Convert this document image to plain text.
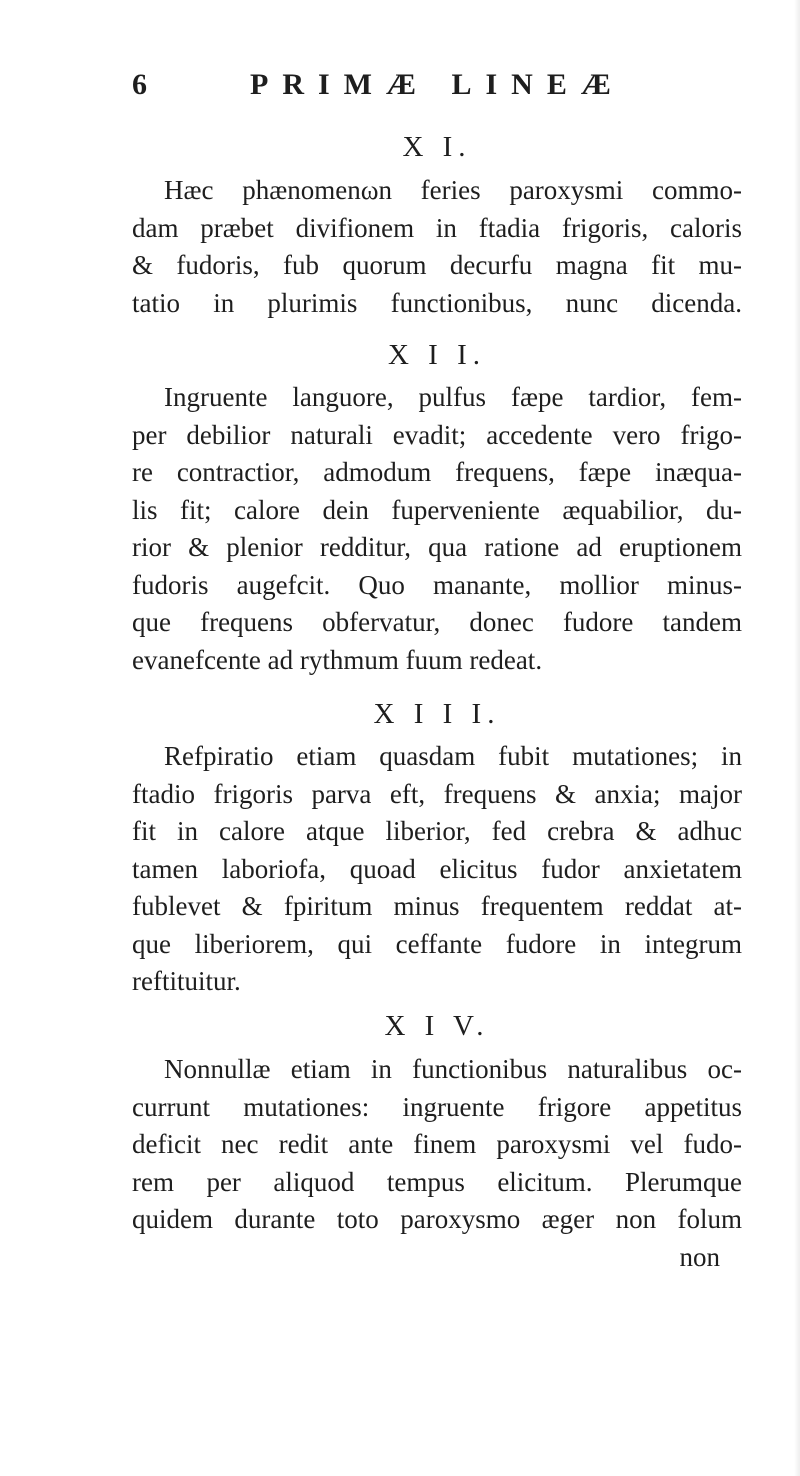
6	PRIMÆ LINEÆ
X I.
Hæc phænomenωn feries paroxysmi commo-
dam præbet divifionem in ftadia frigoris, caloris
& fudoris, fub quorum decurfu magna fit mu-
tatio in plurimis functionibus, nunc dicenda.
X I I.
Ingruente languore, pulfus fæpe tardior, fem-
per debilior naturali evadit; accedente vero frigo-
re contractior, admodum frequens, fæpe inæqua-
lis fit; calore dein fuperveniente æquabilior, du-
rior & plenior redditur, qua ratione ad eruptionem
fudoris augefcit. Quo manante, mollior minus-
que frequens obfervatur, donec fudore tandem
evanefcente ad rythmum fuum redeat.
X I I I.
Refpiratio etiam quasdam fubit mutationes; in
ftadio frigoris parva eft, frequens & anxia; major
fit in calore atque liberior, fed crebra & adhuc
tamen laboriofa, quoad elicitus fudor anxietatem
fublevet & fpiritum minus frequentem reddat at-
que liberiorem, qui ceffante fudore in integrum
reftituitur.
X I V.
Nonnullæ etiam in functionibus naturalibus oc-
currunt mutationes: ingruente frigore appetitus
deficit nec redit ante finem paroxysmi vel fudo-
rem per aliquod tempus elicitum. Plerumque
quidem durante toto paroxysmo æger non folum
non
